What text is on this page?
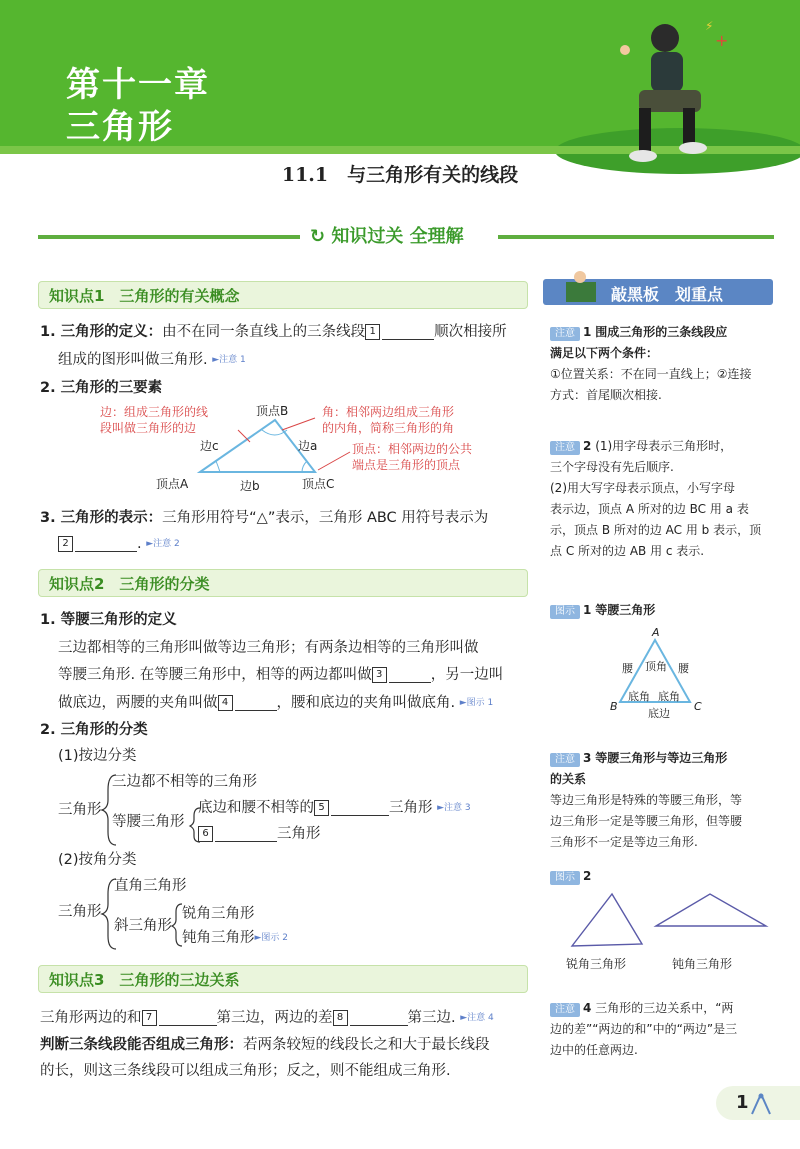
+
⚡
第十一章
三角形
11.1　与三角形有关的线段
↻ 知识过关 全理解
知识点1　三角形的有关概念
1. 三角形的定义：由不在同一条直线上的三条线段 1	顺次相接所
组成的图形叫做三角形. ►注意 1
2. 三角形的三要素
边：组成三角形的线
段叫做三角形的边
角：相邻两边组成三角形
的内角，简称三角形的角
顶点：相邻两边的公共
端点是三角形的顶点
顶点B
边c	边a
顶点A	边b	顶点C
3. 三角形的表示：三角形用符号“△”表示，三角形 ABC 用符号表示为
2	. ►注意 2
知识点2　三角形的分类
1. 等腰三角形的定义
三边都相等的三角形叫做等边三角形；有两条边相等的三角形叫做
等腰三角形. 在等腰三角形中，相等的两边都叫做 3	，另一边叫
做底边，两腰的夹角叫做 4	，腰和底边的夹角叫做底角. ►图示 1
2. 三角形的分类
(1)按边分类
三角形
三边都不相等的三角形
等腰三角形
底边和腰不相等的 5	三角形 ►注意 3
6	三角形
(2)按角分类
三角形
直角三角形
斜三角形
锐角三角形
钝角三角形►图示 2
知识点3　三角形的三边关系
三角形两边的和 7	第三边，两边的差 8	第三边. ►注意 4
判断三条线段能否组成三角形：若两条较短的线段长之和大于最长线段
的长，则这三条线段可以组成三角形；反之，则不能组成三角形.
敲黑板　划重点
注意 1 围成三角形的三条线段应
满足以下两个条件：
①位置关系：不在同一直线上；②连接
方式：首尾顺次相接.
注意 2 (1)用字母表示三角形时，
三个字母没有先后顺序.
(2)用大写字母表示顶点，小写字母
表示边，顶点 A 所对的边 BC 用 a 表
示，顶点 B 所对的边 AC 用 b 表示，顶
点 C 所对的边 AB 用 c 表示.
图示 1 等腰三角形
A
B	C
腰	腰
顶角
底角 底角
底边
注意 3 等腰三角形与等边三角形
的关系
等边三角形是特殊的等腰三角形，等
边三角形一定是等腰三角形，但等腰
三角形不一定是等边三角形.
图示 2
锐角三角形	钝角三角形
注意 4 三角形的三边关系中，“两
边的差”“两边的和”中的“两边”是三
边中的任意两边.
1
